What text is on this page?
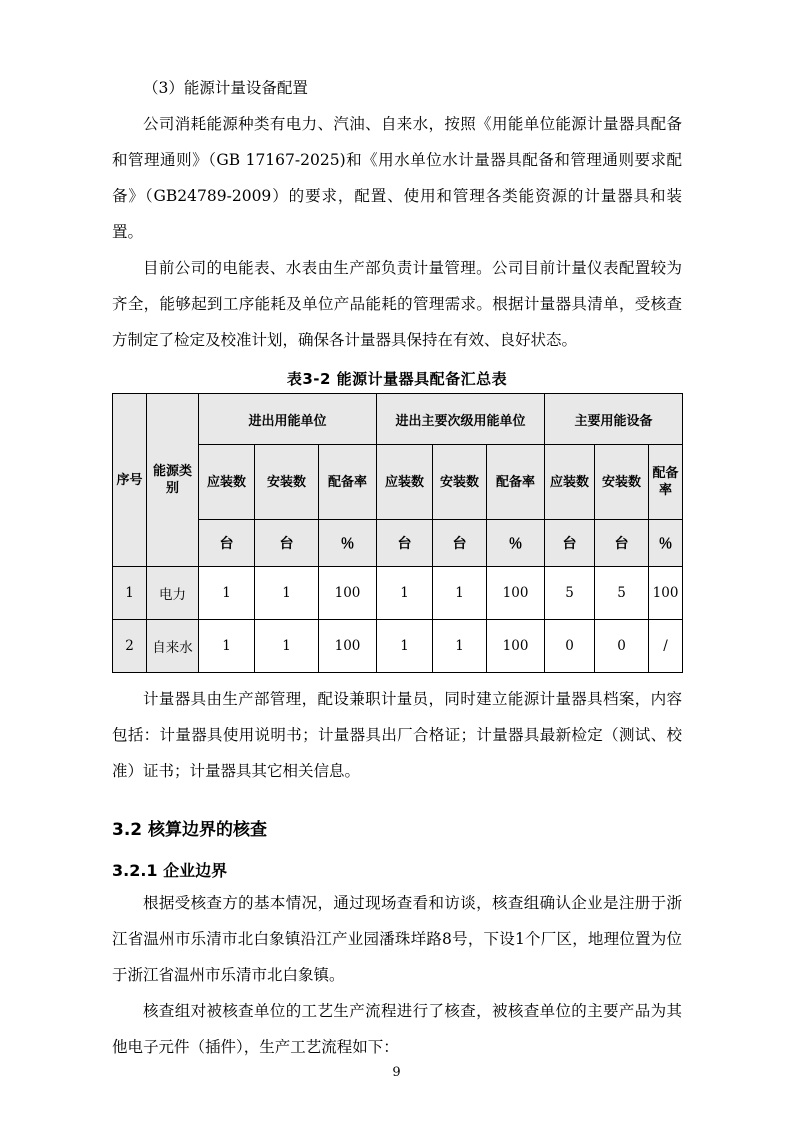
（3）能源计量设备配置

公司消耗能源种类有电力、汽油、自来水，按照《用能单位能源计量器具配备和管理通则》（GB 17167-2025)和《用水单位水计量器具配备和管理通则要求配备》（GB24789-2009）的要求，配置、使用和管理各类能资源的计量器具和装置。

目前公司的电能表、水表由生产部负责计量管理。公司目前计量仪表配置较为齐全，能够起到工序能耗及单位产品能耗的管理需求。根据计量器具清单，受核查方制定了检定及校准计划，确保各计量器具保持在有效、良好状态。

表3-2 能源计量器具配备汇总表
序号	能源类别	进出用能单位			进出主要次级用能单位			主要用能设备		
		应装数	安装数	配备率	应装数	安装数	配备率	应装数	安装数	配备率
		台	台	％	台	台	％	台	台	％
1	电力	1	1	100	1	1	100	5	5	100
2	自来水	1	1	100	1	1	100	0	0	/

计量器具由生产部管理，配设兼职计量员，同时建立能源计量器具档案，内容包括：计量器具使用说明书；计量器具出厂合格证；计量器具最新检定（测试、校准）证书；计量器具其它相关信息。

3.2 核算边界的核查
3.2.1 企业边界

根据受核查方的基本情况，通过现场查看和访谈，核查组确认企业是注册于浙江省温州市乐清市北白象镇沿江产业园潘珠垟路8号，下设1个厂区，地理位置为位于浙江省温州市乐清市北白象镇。

核查组对被核查单位的工艺生产流程进行了核查，被核查单位的主要产品为其他电子元件（插件），生产工艺流程如下：

9
